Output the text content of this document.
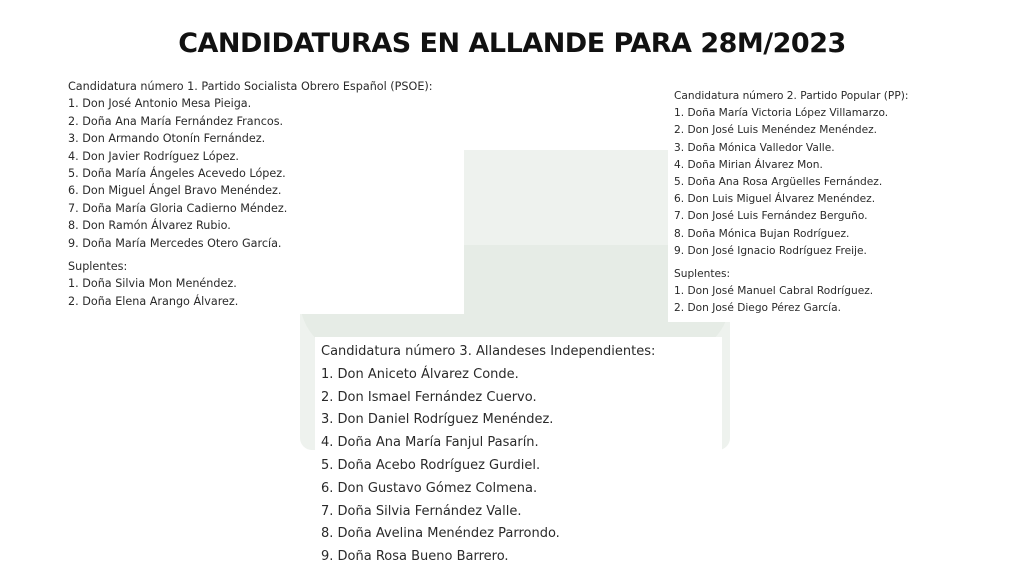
CANDIDATURAS EN ALLANDE PARA 28M/2023
Candidatura número 1. Partido Socialista Obrero Español (PSOE):
1. Don José Antonio Mesa Pieiga.
2. Doña Ana María Fernández Francos.
3. Don Armando Otonín Fernández.
4. Don Javier Rodríguez López.
5. Doña María Ángeles Acevedo López.
6. Don Miguel Ángel Bravo Menéndez.
7. Doña María Gloria Cadierno Méndez.
8. Don Ramón Álvarez Rubio.
9. Doña María Mercedes Otero García.
Suplentes:
1. Doña Silvia Mon Menéndez.
2. Doña Elena Arango Álvarez.
Candidatura número 2. Partido Popular (PP):
1. Doña María Victoria López Villamarzo.
2. Don José Luis Menéndez Menéndez.
3. Doña Mónica Valledor Valle.
4. Doña Mirian Álvarez Mon.
5. Doña Ana Rosa Argüelles Fernández.
6. Don Luis Miguel Álvarez Menéndez.
7. Don José Luis Fernández Berguño.
8. Doña Mónica Bujan Rodríguez.
9. Don José Ignacio Rodríguez Freije.
Suplentes:
1. Don José Manuel Cabral Rodríguez.
2. Don José Diego Pérez García.
Candidatura número 3. Allandeses Independientes:
1. Don Aniceto Álvarez Conde.
2. Don Ismael Fernández Cuervo.
3. Don Daniel Rodríguez Menéndez.
4. Doña Ana María Fanjul Pasarín.
5. Doña Acebo Rodríguez Gurdiel.
6. Don Gustavo Gómez Colmena.
7. Doña Silvia Fernández Valle.
8. Doña Avelina Menéndez Parrondo.
9. Doña Rosa Bueno Barrero.
